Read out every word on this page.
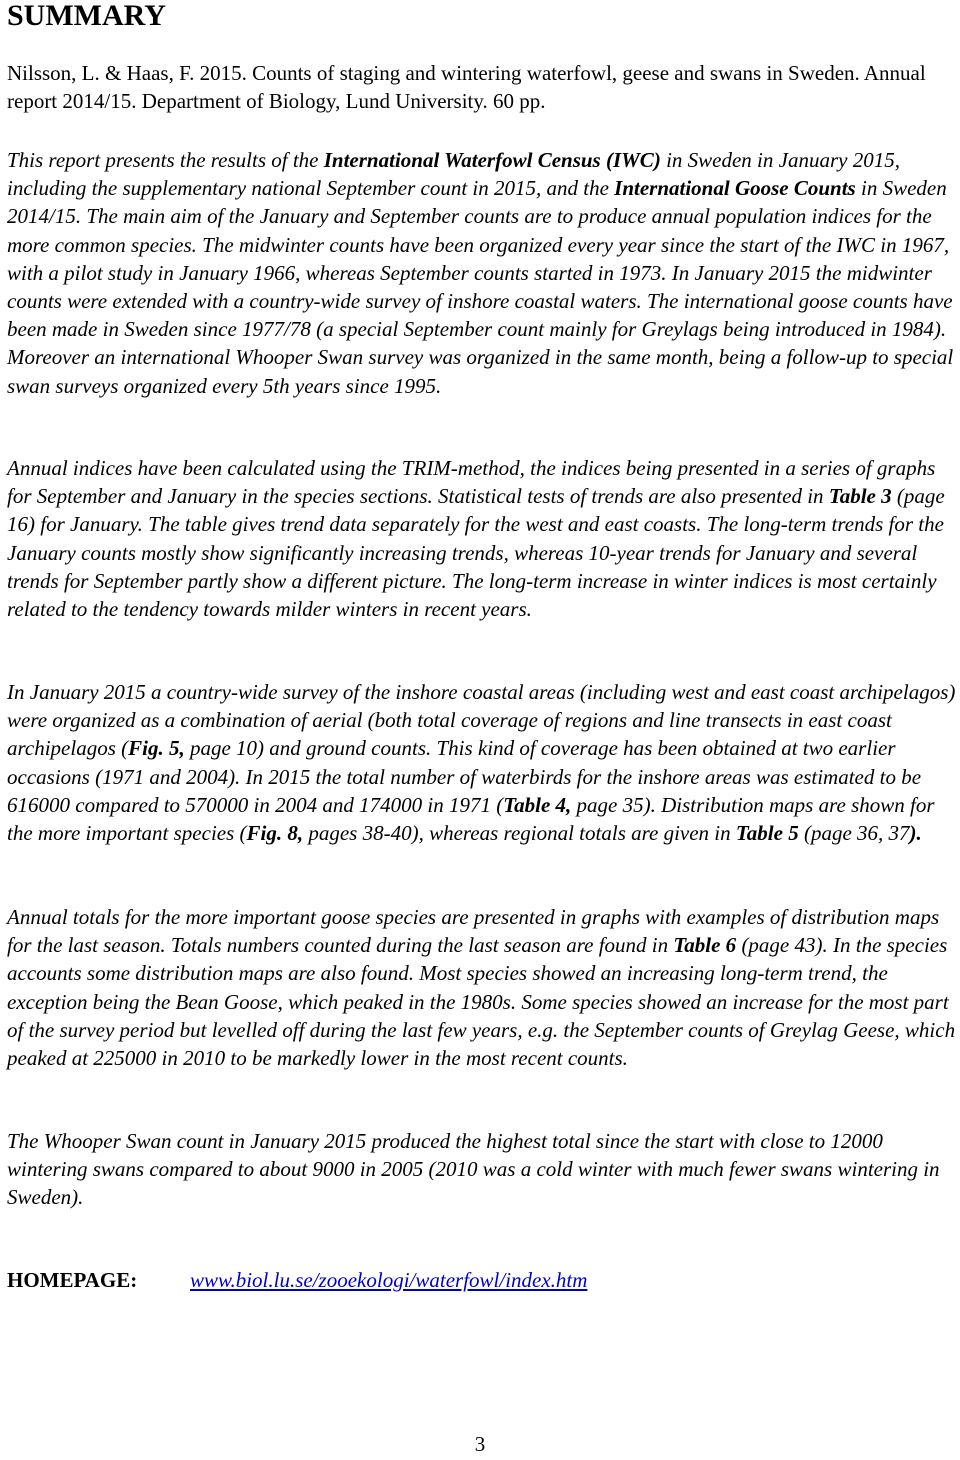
SUMMARY

Nilsson, L. & Haas, F. 2015. Counts of staging and wintering waterfowl, geese and swans in Sweden. Annual report 2014/15. Department of Biology, Lund University. 60 pp.

This report presents the results of the International Waterfowl Census (IWC) in Sweden in January 2015, including the supplementary national September count in 2015, and the International Goose Counts in Sweden 2014/15. The main aim of the January and September counts are to produce annual population indices for the more common species. The midwinter counts have been organized every year since the start of the IWC in 1967, with a pilot study in January 1966, whereas September counts started in 1973. In January 2015 the midwinter counts were extended with a country-wide survey of inshore coastal waters. The international goose counts have been made in Sweden since 1977/78 (a special September count mainly for Greylags being introduced in 1984). Moreover an international Whooper Swan survey was organized in the same month, being a follow-up to special swan surveys organized every 5th years since 1995.

Annual indices have been calculated using the TRIM-method, the indices being presented in a series of graphs for September and January in the species sections. Statistical tests of trends are also presented in Table 3 (page 16) for January. The table gives trend data separately for the west and east coasts. The long-term trends for the January counts mostly show significantly increasing trends, whereas 10-year trends for January and several trends for September partly show a different picture. The long-term increase in winter indices is most certainly related to the tendency towards milder winters in recent years.

In January 2015 a country-wide survey of the inshore coastal areas (including west and east coast archipelagos) were organized as a combination of aerial (both total coverage of regions and line transects in east coast archipelagos (Fig. 5, page 10) and ground counts. This kind of coverage has been obtained at two earlier occasions (1971 and 2004). In 2015 the total number of waterbirds for the inshore areas was estimated to be 616000 compared to 570000 in 2004 and 174000 in 1971 (Table 4, page 35). Distribution maps are shown for the more important species (Fig. 8, pages 38-40), whereas regional totals are given in Table 5 (page 36, 37).

Annual totals for the more important goose species are presented in graphs with examples of distribution maps for the last season. Totals numbers counted during the last season are found in Table 6 (page 43). In the species accounts some distribution maps are also found. Most species showed an increasing long-term trend, the exception being the Bean Goose, which peaked in the 1980s. Some species showed an increase for the most part of the survey period but levelled off during the last few years, e.g. the September counts of Greylag Geese, which peaked at 225000 in 2010 to be markedly lower in the most recent counts.

The Whooper Swan count in January 2015 produced the highest total since the start with close to 12000 wintering swans compared to about 9000 in 2005 (2010 was a cold winter with much fewer swans wintering in Sweden).

HOMEPAGE:	www.biol.lu.se/zooekologi/waterfowl/index.htm
3
